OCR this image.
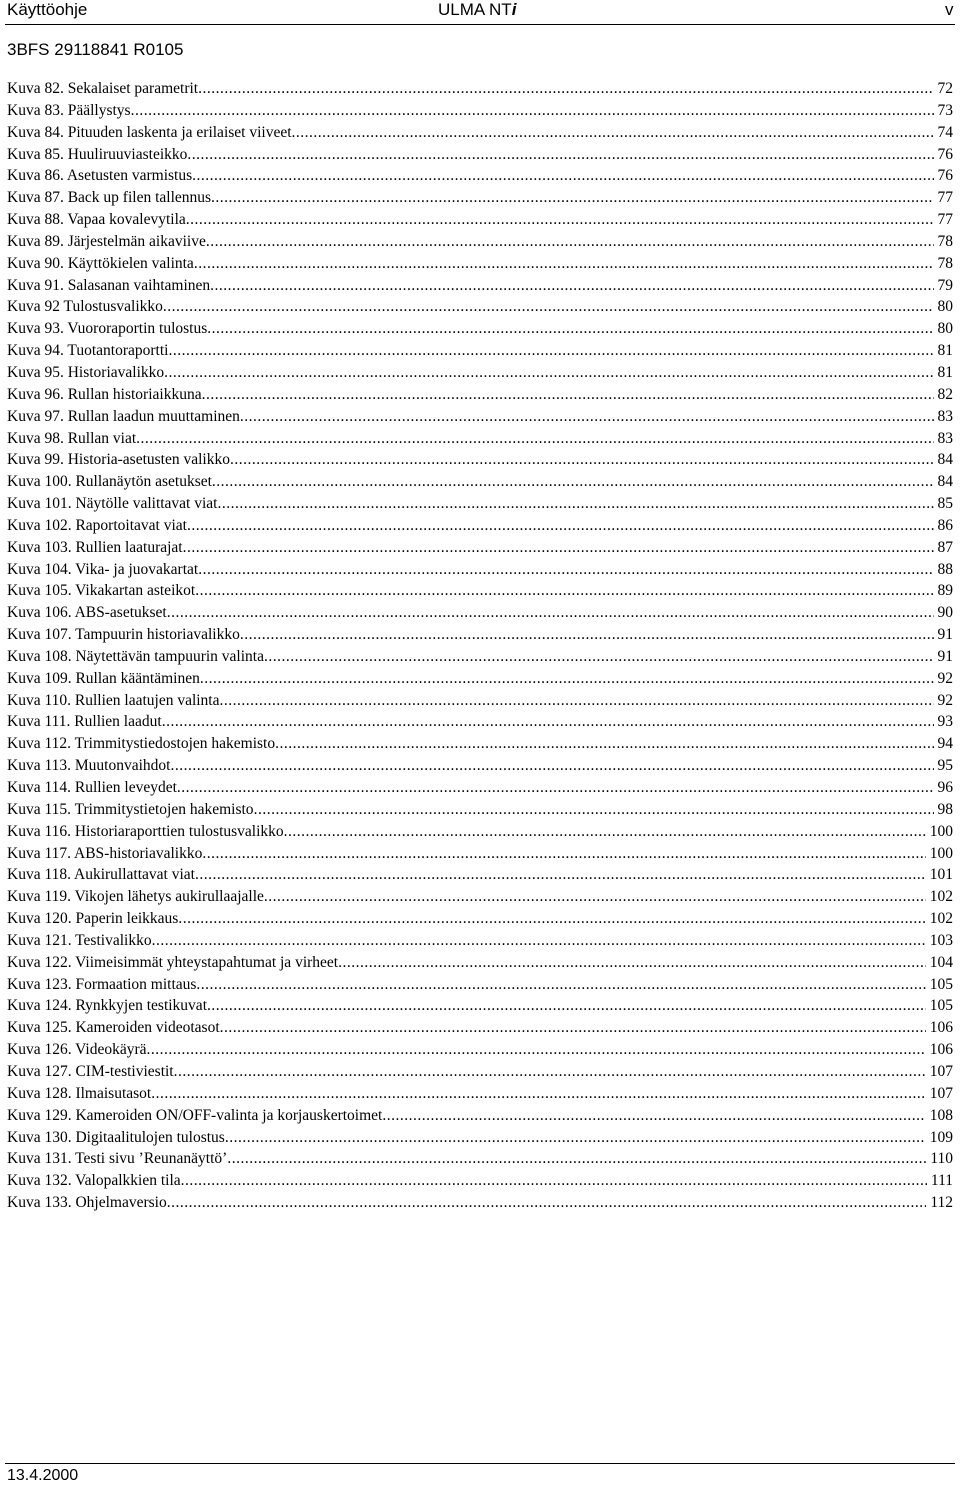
Käyttöohje	ULMA NTi	v
3BFS 29118841 R0105
Kuva 82. Sekalaiset parametrit .....	72
Kuva 83. Päällystys .....	73
Kuva 84. Pituuden laskenta ja erilaiset viiveet .....	74
Kuva 85. Huuliruuviasteikko .....	76
Kuva 86. Asetusten varmistus .....	76
Kuva 87. Back up filen tallennus .....	77
Kuva 88. Vapaa kovalevytila .....	77
Kuva 89. Järjestelmän aikaviive .....	78
Kuva 90. Käyttökielen valinta .....	78
Kuva 91. Salasanan vaihtaminen .....	79
Kuva 92 Tulostusvalikko .....	80
Kuva 93. Vuororaportin tulostus .....	80
Kuva 94. Tuotantoraportti .....	81
Kuva 95. Historiavalikko .....	81
Kuva 96. Rullan historiaikkuna .....	82
Kuva 97. Rullan laadun muuttaminen .....	83
Kuva 98. Rullan viat .....	83
Kuva 99. Historia-asetusten valikko .....	84
Kuva 100. Rullanäytön asetukset .....	84
Kuva 101. Näytölle valittavat viat .....	85
Kuva 102. Raportoitavat viat .....	86
Kuva 103. Rullien laaturajat .....	87
Kuva 104. Vika- ja juovakartat .....	88
Kuva 105. Vikakartan asteikot .....	89
Kuva 106. ABS-asetukset .....	90
Kuva 107. Tampuurin historiavalikko .....	91
Kuva 108. Näytettävän tampuurin valinta .....	91
Kuva 109. Rullan kääntäminen .....	92
Kuva 110. Rullien laatujen valinta .....	92
Kuva 111. Rullien laadut .....	93
Kuva 112. Trimmitystiedostojen hakemisto .....	94
Kuva 113. Muutonvaihdot .....	95
Kuva 114. Rullien leveydet .....	96
Kuva 115. Trimmitystietojen hakemisto .....	98
Kuva 116. Historiaraporttien tulostusvalikko .....	100
Kuva 117. ABS-historiavalikko .....	100
Kuva 118. Aukirullattavat viat .....	101
Kuva 119. Vikojen lähetys aukirullaajalle .....	102
Kuva 120. Paperin leikkaus .....	102
Kuva 121. Testivalikko .....	103
Kuva 122. Viimeisimmät yhteystapahtumat ja virheet .....	104
Kuva 123. Formaation mittaus .....	105
Kuva 124. Rynkkyjen testikuvat .....	105
Kuva 125. Kameroiden videotasot .....	106
Kuva 126. Videokäyrä .....	106
Kuva 127. CIM-testiviestit .....	107
Kuva 128. Ilmaisutasot .....	107
Kuva 129. Kameroiden ON/OFF-valinta ja korjauskertoimet .....	108
Kuva 130. Digitaalitulojen tulostus .....	109
Kuva 131. Testi sivu ’Reunanäyttö’ .....	110
Kuva 132. Valopalkkien tila .....	111
Kuva 133. Ohjelmaversio .....	112
13.4.2000
